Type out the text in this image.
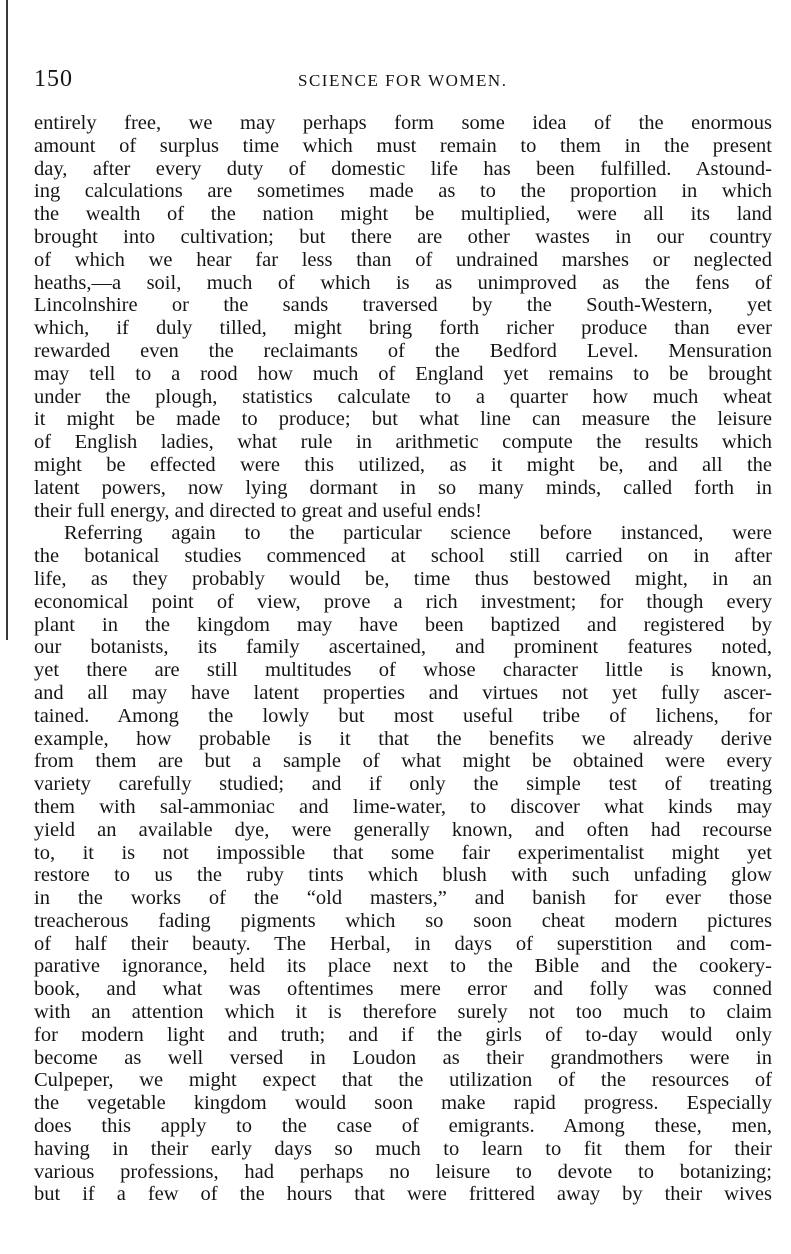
150	SCIENCE FOR WOMEN.
entirely free, we may perhaps form some idea of the enormous
amount of surplus time which must remain to them in the present
day, after every duty of domestic life has been fulfilled. Astound-
ing calculations are sometimes made as to the proportion in which
the wealth of the nation might be multiplied, were all its land
brought into cultivation; but there are other wastes in our country
of which we hear far less than of undrained marshes or neglected
heaths,—a soil, much of which is as unimproved as the fens of
Lincolnshire or the sands traversed by the South-Western, yet
which, if duly tilled, might bring forth richer produce than ever
rewarded even the reclaimants of the Bedford Level. Mensuration
may tell to a rood how much of England yet remains to be brought
under the plough, statistics calculate to a quarter how much wheat
it might be made to produce; but what line can measure the leisure
of English ladies, what rule in arithmetic compute the results which
might be effected were this utilized, as it might be, and all the
latent powers, now lying dormant in so many minds, called forth in
their full energy, and directed to great and useful ends!
Referring again to the particular science before instanced, were
the botanical studies commenced at school still carried on in after
life, as they probably would be, time thus bestowed might, in an
economical point of view, prove a rich investment; for though every
plant in the kingdom may have been baptized and registered by
our botanists, its family ascertained, and prominent features noted,
yet there are still multitudes of whose character little is known,
and all may have latent properties and virtues not yet fully ascer-
tained. Among the lowly but most useful tribe of lichens, for
example, how probable is it that the benefits we already derive
from them are but a sample of what might be obtained were every
variety carefully studied; and if only the simple test of treating
them with sal-ammoniac and lime-water, to discover what kinds may
yield an available dye, were generally known, and often had recourse
to, it is not impossible that some fair experimentalist might yet
restore to us the ruby tints which blush with such unfading glow
in the works of the “old masters,” and banish for ever those
treacherous fading pigments which so soon cheat modern pictures
of half their beauty. The Herbal, in days of superstition and com-
parative ignorance, held its place next to the Bible and the cookery-
book, and what was oftentimes mere error and folly was conned
with an attention which it is therefore surely not too much to claim
for modern light and truth; and if the girls of to-day would only
become as well versed in Loudon as their grandmothers were in
Culpeper, we might expect that the utilization of the resources of
the vegetable kingdom would soon make rapid progress. Especially
does this apply to the case of emigrants. Among these, men,
having in their early days so much to learn to fit them for their
various professions, had perhaps no leisure to devote to botanizing;
but if a few of the hours that were frittered away by their wives
